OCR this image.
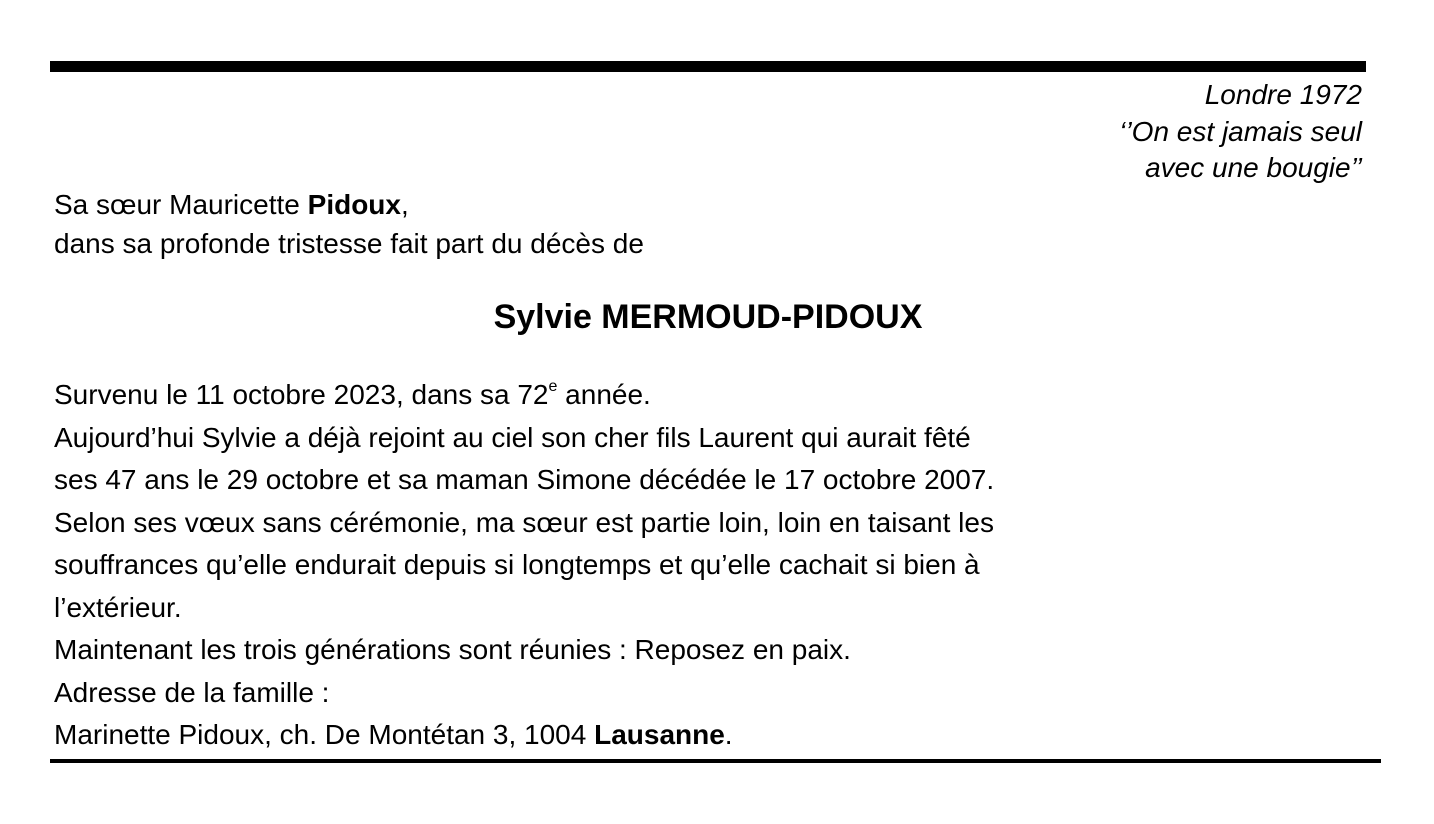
Londre 1972
‘’On est jamais seul
avec une bougie’’
Sa sœur Mauricette Pidoux,
dans sa profonde tristesse fait part du décès de
Sylvie MERMOUD-PIDOUX
Survenu le 11 octobre 2023, dans sa 72e année.
Aujourd’hui Sylvie a déjà rejoint au ciel son cher fils Laurent qui aurait fêté
ses 47 ans le 29 octobre et sa maman Simone décédée le 17 octobre 2007.
Selon ses vœux sans cérémonie, ma sœur est partie loin, loin en taisant les
souffrances qu’elle endurait depuis si longtemps et qu’elle cachait si bien à
l’extérieur.
Maintenant les trois générations sont réunies : Reposez en paix.
Adresse de la famille :
Marinette Pidoux, ch. De Montétan 3, 1004 Lausanne.
